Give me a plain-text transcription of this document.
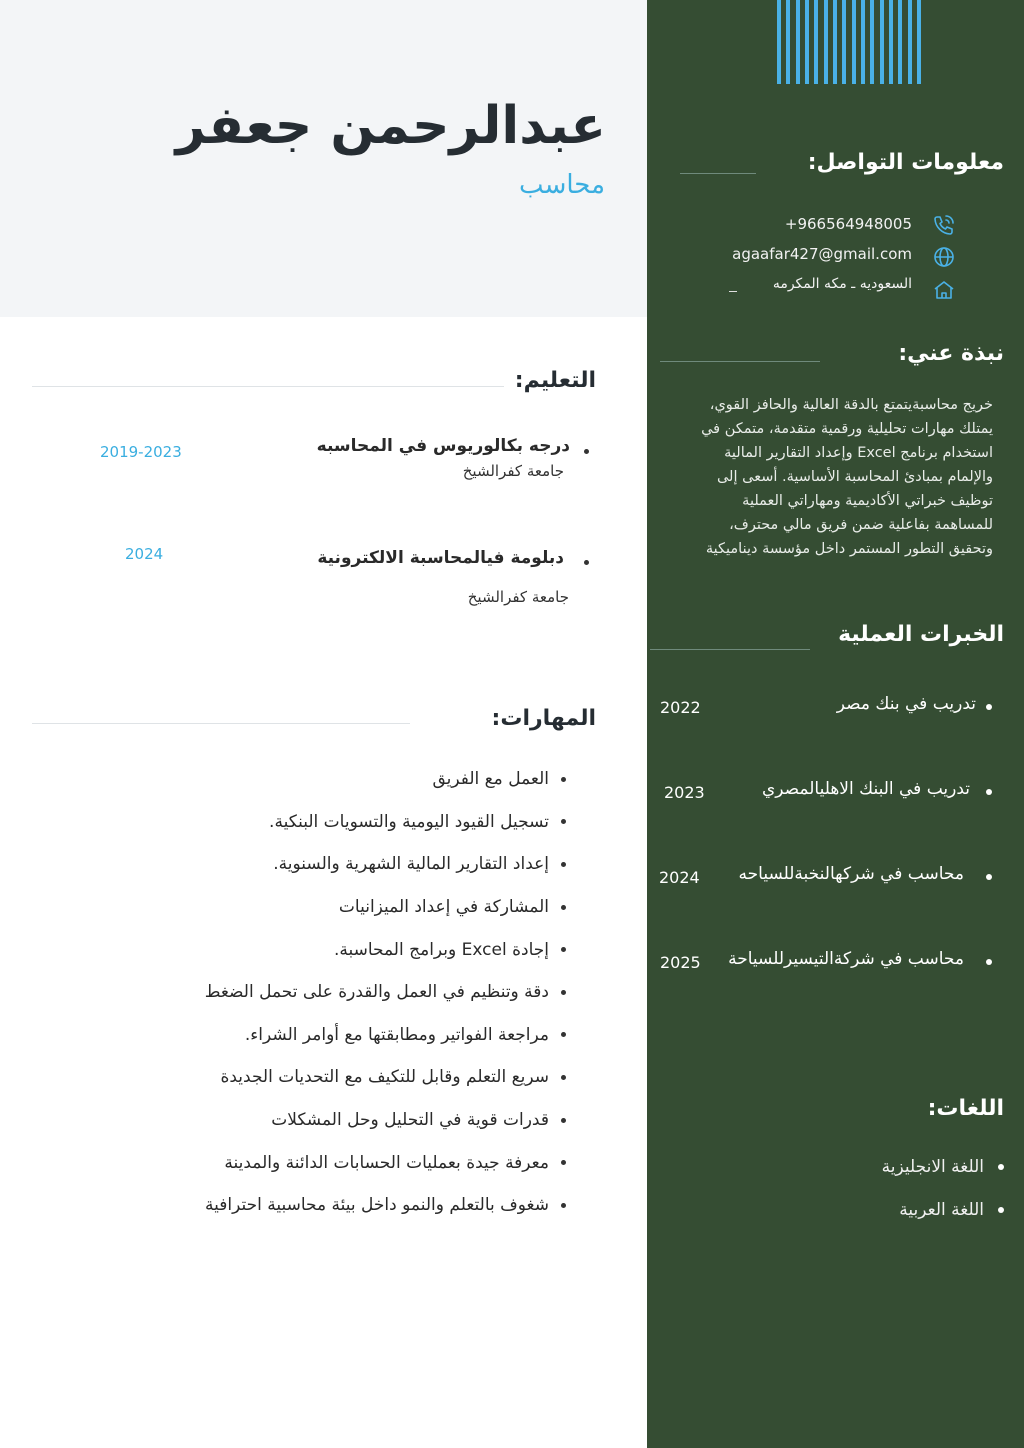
عبدالرحمن جعفر
محاسب
معلومات التواصل:
+966564948005
agaafar427@gmail.com
السعوديه ـ مكه المكرمه
نبذة عني:
خريج محاسبةيتمتع بالدقة العالية والحافز القوي، يمتلك مهارات تحليلية ورقمية متقدمة، متمكن في استخدام برنامج Excel وإعداد التقارير المالية والإلمام بمبادئ المحاسبة الأساسية. أسعى إلى توظيف خبراتي الأكاديمية ومهاراتي العملية للمساهمة بفاعلية ضمن فريق مالي محترف، وتحقيق التطور المستمر داخل مؤسسة ديناميكية
الخبرات العملية
تدريب في بنك مصر
2022
تدريب في البنك الاهليالمصري
2023
محاسب في شركهالنخبةللسياحه
2024
محاسب في شركةالتيسيرللسياحة
2025
اللغات:
اللغة الانجليزية
اللغة العربية
التعليم:
درجه بكالوريوس في المحاسبه
جامعة كفرالشيخ
2019-2023
دبلومة فيالمحاسبة الالكترونية
جامعة كفرالشيخ
2024
المهارات:
العمل مع الفريق
تسجيل القيود اليومية والتسويات البنكية.
إعداد التقارير المالية الشهرية والسنوية.
المشاركة في إعداد الميزانيات
إجادة Excel وبرامج المحاسبة.
دقة وتنظيم في العمل والقدرة على تحمل الضغط
مراجعة الفواتير ومطابقتها مع أوامر الشراء.
سريع التعلم وقابل للتكيف مع التحديات الجديدة
قدرات قوية في التحليل وحل المشكلات
معرفة جيدة بعمليات الحسابات الدائنة والمدينة
شغوف بالتعلم والنمو داخل بيئة محاسبية احترافية
